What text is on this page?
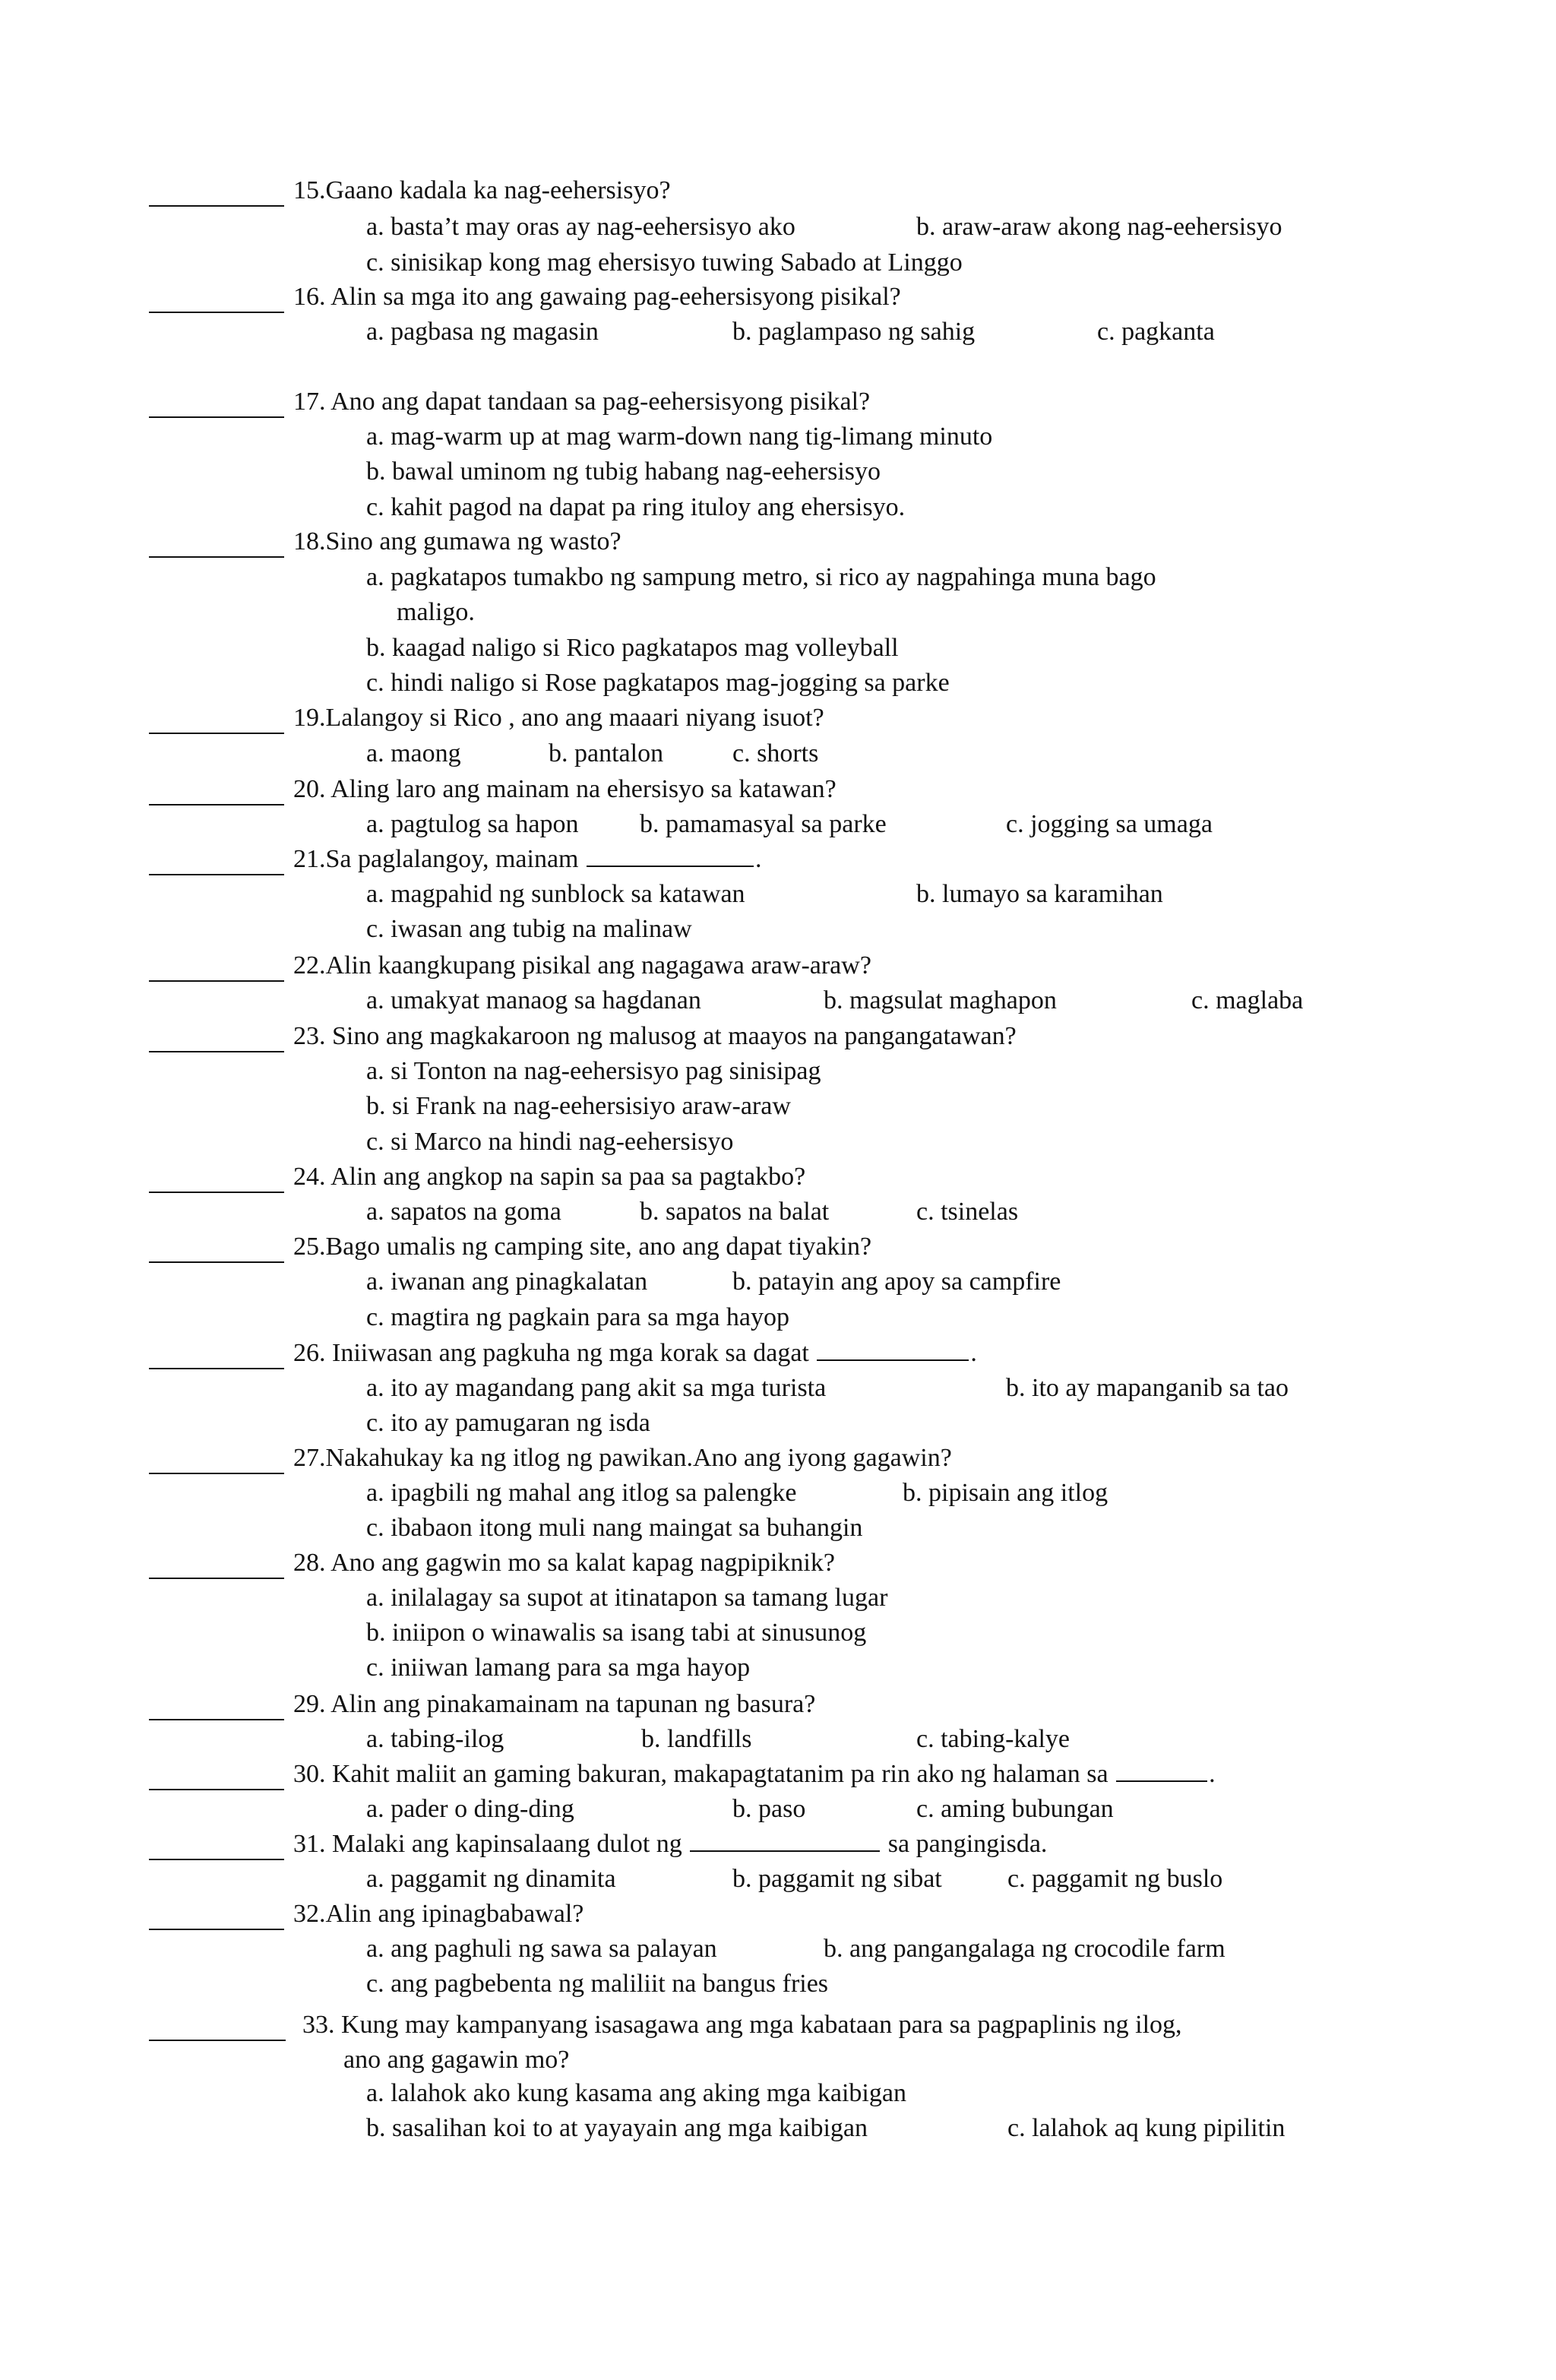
15.Gaano kadala ka nag-eehersisyo?
a. basta’t may oras ay nag-eehersisyo ako	b. araw-araw akong nag-eehersisyo
c. sinisikap kong mag ehersisyo tuwing Sabado at Linggo
16. Alin sa mga ito ang gawaing pag-eehersisyong pisikal?
a. pagbasa ng magasin	b. paglampaso ng sahig	c. pagkanta
17. Ano ang dapat tandaan sa pag-eehersisyong pisikal?
a. mag-warm up at mag warm-down nang tig-limang minuto
b. bawal uminom ng tubig habang nag-eehersisyo
c. kahit pagod na dapat pa ring ituloy ang ehersisyo.
18.Sino ang gumawa ng wasto?
a. pagkatapos tumakbo ng sampung metro, si rico ay nagpahinga muna bago
maligo.
b. kaagad naligo si Rico pagkatapos mag volleyball
c. hindi naligo si Rose pagkatapos mag-jogging sa parke
19.Lalangoy si Rico , ano ang maaari niyang isuot?
a. maong	b. pantalon	c. shorts
20. Aling laro ang mainam na ehersisyo sa katawan?
a. pagtulog sa hapon b. pamamasyal sa parke	c. jogging sa umaga
21.Sa paglalangoy, mainam	.
a. magpahid ng sunblock sa katawan	b. lumayo sa karamihan
c. iwasan ang tubig na malinaw
22.Alin kaangkupang pisikal ang nagagawa araw-araw?
a. umakyat manaog sa hagdanan	b. magsulat maghapon	c. maglaba
23. Sino ang magkakaroon ng malusog at maayos na pangangatawan?
a. si Tonton na nag-eehersisyo pag sinisipag
b. si Frank na nag-eehersisiyo araw-araw
c. si Marco na hindi nag-eehersisyo
24. Alin ang angkop na sapin sa paa sa pagtakbo?
a. sapatos na goma	b. sapatos na balat	c. tsinelas
25.Bago umalis ng camping site, ano ang dapat tiyakin?
a. iwanan ang pinagkalatan	b. patayin ang apoy sa campfire
c. magtira ng pagkain para sa mga hayop
26. Iniiwasan ang pagkuha ng mga korak sa dagat	.
a. ito ay magandang pang akit sa mga turista	b. ito ay mapanganib sa tao
c. ito ay pamugaran ng isda
27.Nakahukay ka ng itlog ng pawikan.Ano ang iyong gagawin?
a. ipagbili ng mahal ang itlog sa palengke	b. pipisain ang itlog
c. ibabaon itong muli nang maingat sa buhangin
28. Ano ang gagwin mo sa kalat kapag nagpipiknik?
a. inilalagay sa supot at itinatapon sa tamang lugar
b. iniipon o winawalis sa isang tabi at sinusunog
c. iniiwan lamang para sa mga hayop
29. Alin ang pinakamainam na tapunan ng basura?
a. tabing-ilog	b. landfills	c. tabing-kalye
30. Kahit maliit an gaming bakuran, makapagtatanim pa rin ako ng halaman sa	.
a. pader o ding-ding	b. paso	c. aming bubungan
31. Malaki ang kapinsalaang dulot ng	sa pangingisda.
a. paggamit ng dinamita	b. paggamit ng sibat	c. paggamit ng buslo
32.Alin ang ipinagbabawal?
a. ang paghuli ng sawa sa palayan	b. ang pangangalaga ng crocodile farm
c. ang pagbebenta ng maliliit na bangus fries
33. Kung may kampanyang isasagawa ang mga kabataan para sa pagpaplinis ng ilog,
ano ang gagawin mo?
a. lalahok ako kung kasama ang aking mga kaibigan
b. sasalihan koi to at yayayain ang mga kaibigan	c. lalahok aq kung pipilitin
